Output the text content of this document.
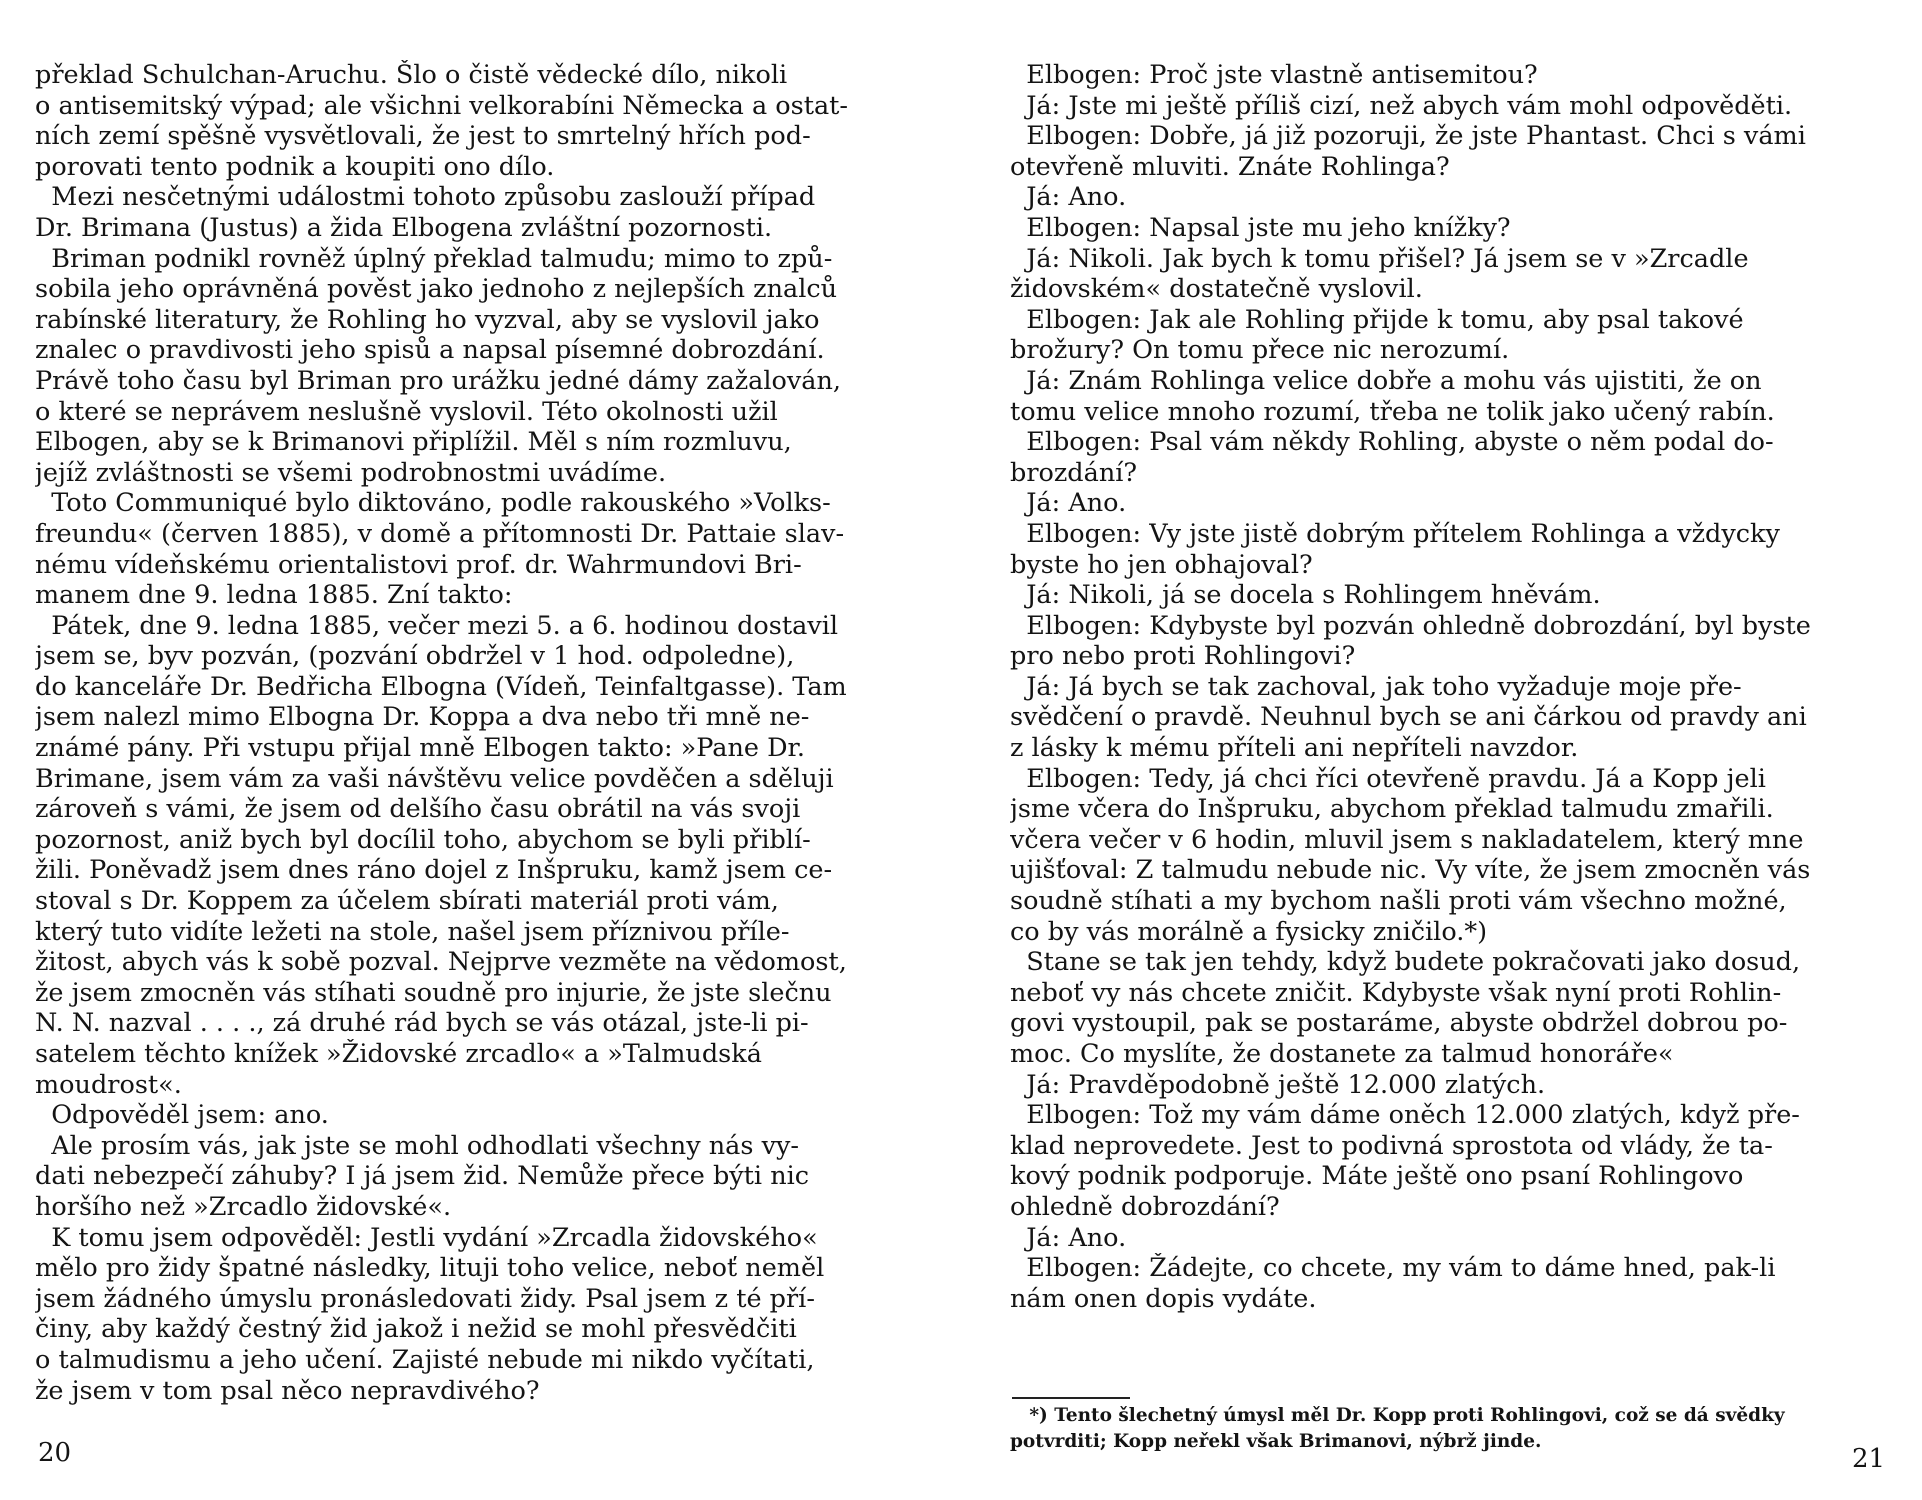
překlad Schulchan-Aruchu. Šlo o čistě vědecké dílo, nikoli
o antisemitský výpad; ale všichni velkorabíni Německa a ostat-
ních zemí spěšně vysvětlovali, že jest to smrtelný hřích pod-
porovati tento podnik a koupiti ono dílo.
Mezi nesčetnými událostmi tohoto způsobu zaslouží případ
Dr. Brimana (Justus) a žida Elbogena zvláštní pozornosti.
Briman podnikl rovněž úplný překlad talmudu; mimo to způ-
sobila jeho oprávněná pověst jako jednoho z nejlepších znalců
rabínské literatury, že Rohling ho vyzval, aby se vyslovil jako
znalec o pravdivosti jeho spisů a napsal písemné dobrozdání.
Právě toho času byl Briman pro urážku jedné dámy zažalován,
o které se neprávem neslušně vyslovil. Této okolnosti užil
Elbogen, aby se k Brimanovi připlížil. Měl s ním rozmluvu,
jejíž zvláštnosti se všemi podrobnostmi uvádíme.
Toto Communiqué bylo diktováno, podle rakouského »Volks-
freundu« (červen 1885), v domě a přítomnosti Dr. Pattaie slav-
nému vídeňskému orientalistovi prof. dr. Wahrmundovi Bri-
manem dne 9. ledna 1885. Zní takto:
Pátek, dne 9. ledna 1885, večer mezi 5. a 6. hodinou dostavil
jsem se, byv pozván, (pozvání obdržel v 1 hod. odpoledne),
do kanceláře Dr. Bedřicha Elbogna (Vídeň, Teinfaltgasse). Tam
jsem nalezl mimo Elbogna Dr. Koppa a dva nebo tři mně ne-
známé pány. Při vstupu přijal mně Elbogen takto: »Pane Dr.
Brimane, jsem vám za vaši návštěvu velice povděčen a sděluji
zároveň s vámi, že jsem od delšího času obrátil na vás svoji
pozornost, aniž bych byl docílil toho, abychom se byli přiblí-
žili. Poněvadž jsem dnes ráno dojel z Inšpruku, kamž jsem ce-
stoval s Dr. Koppem za účelem sbírati materiál proti vám,
který tuto vidíte ležeti na stole, našel jsem příznivou příle-
žitost, abych vás k sobě pozval. Nejprve vezměte na vědomost,
že jsem zmocněn vás stíhati soudně pro injurie, že jste slečnu
N. N. nazval . . . ., zá druhé rád bych se vás otázal, jste-li pi-
satelem těchto knížek »Židovské zrcadlo« a »Talmudská
moudrost«.
Odpověděl jsem: ano.
Ale prosím vás, jak jste se mohl odhodlati všechny nás vy-
dati nebezpečí záhuby? I já jsem žid. Nemůže přece býti nic
horšího než »Zrcadlo židovské«.
K tomu jsem odpověděl: Jestli vydání »Zrcadla židovského«
mělo pro židy špatné následky, lituji toho velice, neboť neměl
jsem žádného úmyslu pronásledovati židy. Psal jsem z té pří-
činy, aby každý čestný žid jakož i nežid se mohl přesvědčiti
o talmudismu a jeho učení. Zajisté nebude mi nikdo vyčítati,
že jsem v tom psal něco nepravdivého?
20
Elbogen: Proč jste vlastně antisemitou?
Já: Jste mi ještě příliš cizí, než abych vám mohl odpověděti.
Elbogen: Dobře, já již pozoruji, že jste Phantast. Chci s vámi
otevřeně mluviti. Znáte Rohlinga?
Já: Ano.
Elbogen: Napsal jste mu jeho knížky?
Já: Nikoli. Jak bych k tomu přišel? Já jsem se v »Zrcadle
židovském« dostatečně vyslovil.
Elbogen: Jak ale Rohling přijde k tomu, aby psal takové
brožury? On tomu přece nic nerozumí.
Já: Znám Rohlinga velice dobře a mohu vás ujistiti, že on
tomu velice mnoho rozumí, třeba ne tolik jako učený rabín.
Elbogen: Psal vám někdy Rohling, abyste o něm podal do-
brozdání?
Já: Ano.
Elbogen: Vy jste jistě dobrým přítelem Rohlinga a vždycky
byste ho jen obhajoval?
Já: Nikoli, já se docela s Rohlingem hněvám.
Elbogen: Kdybyste byl pozván ohledně dobrozdání, byl byste
pro nebo proti Rohlingovi?
Já: Já bych se tak zachoval, jak toho vyžaduje moje pře-
svědčení o pravdě. Neuhnul bych se ani čárkou od pravdy ani
z lásky k mému příteli ani nepříteli navzdor.
Elbogen: Tedy, já chci říci otevřeně pravdu. Já a Kopp jeli
jsme včera do Inšpruku, abychom překlad talmudu zmařili.
včera večer v 6 hodin, mluvil jsem s nakladatelem, který mne
ujišťoval: Z talmudu nebude nic. Vy víte, že jsem zmocněn vás
soudně stíhati a my bychom našli proti vám všechno možné,
co by vás morálně a fysicky zničilo.*)
Stane se tak jen tehdy, když budete pokračovati jako dosud,
neboť vy nás chcete zničit. Kdybyste však nyní proti Rohlin-
govi vystoupil, pak se postaráme, abyste obdržel dobrou po-
moc. Co myslíte, že dostanete za talmud honoráře«
Já: Pravděpodobně ještě 12.000 zlatých.
Elbogen: Tož my vám dáme oněch 12.000 zlatých, když pře-
klad neprovedete. Jest to podivná sprostota od vlády, že ta-
kový podnik podporuje. Máte ještě ono psaní Rohlingovo
ohledně dobrozdání?
Já: Ano.
Elbogen: Žádejte, co chcete, my vám to dáme hned, pak-li
nám onen dopis vydáte.
*) Tento šlechetný úmysl měl Dr. Kopp proti Rohlingovi, což se dá svědky
potvrditi; Kopp neřekl však Brimanovi, nýbrž jinde.
21
